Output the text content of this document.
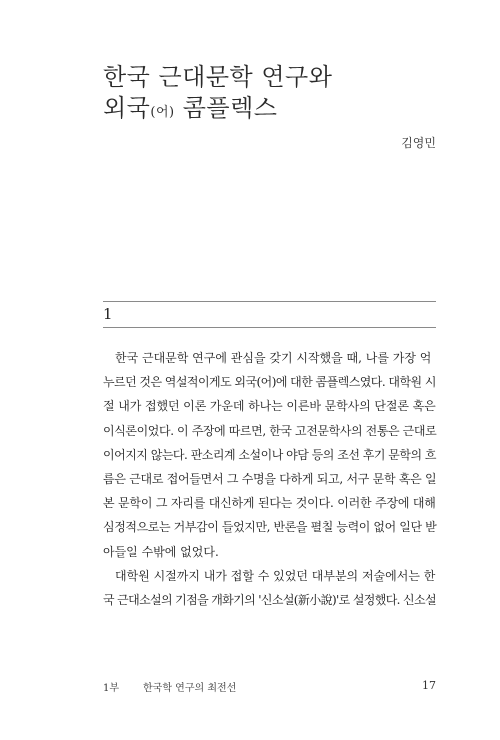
한국 근대문학 연구와
외국(어) 콤플렉스
김영민
1

한국 근대문학 연구에 관심을 갖기 시작했을 때, 나를 가장 억
누르던 것은 역설적이게도 외국(어)에 대한 콤플렉스였다. 대학원 시
절 내가 접했던 이론 가운데 하나는 이른바 문학사의 단절론 혹은
이식론이었다. 이 주장에 따르면, 한국 고전문학사의 전통은 근대로
이어지지 않는다. 판소리계 소설이나 야담 등의 조선 후기 문학의 흐
름은 근대로 접어들면서 그 수명을 다하게 되고, 서구 문학 혹은 일
본 문학이 그 자리를 대신하게 된다는 것이다. 이러한 주장에 대해
심정적으로는 거부감이 들었지만, 반론을 펼칠 능력이 없어 일단 받
아들일 수밖에 없었다.

대학원 시절까지 내가 접할 수 있었던 대부분의 저술에서는 한
국 근대소설의 기점을 개화기의 '신소설(新小說)'로 설정했다. 신소설

1부 한국학 연구의 최전선	17
